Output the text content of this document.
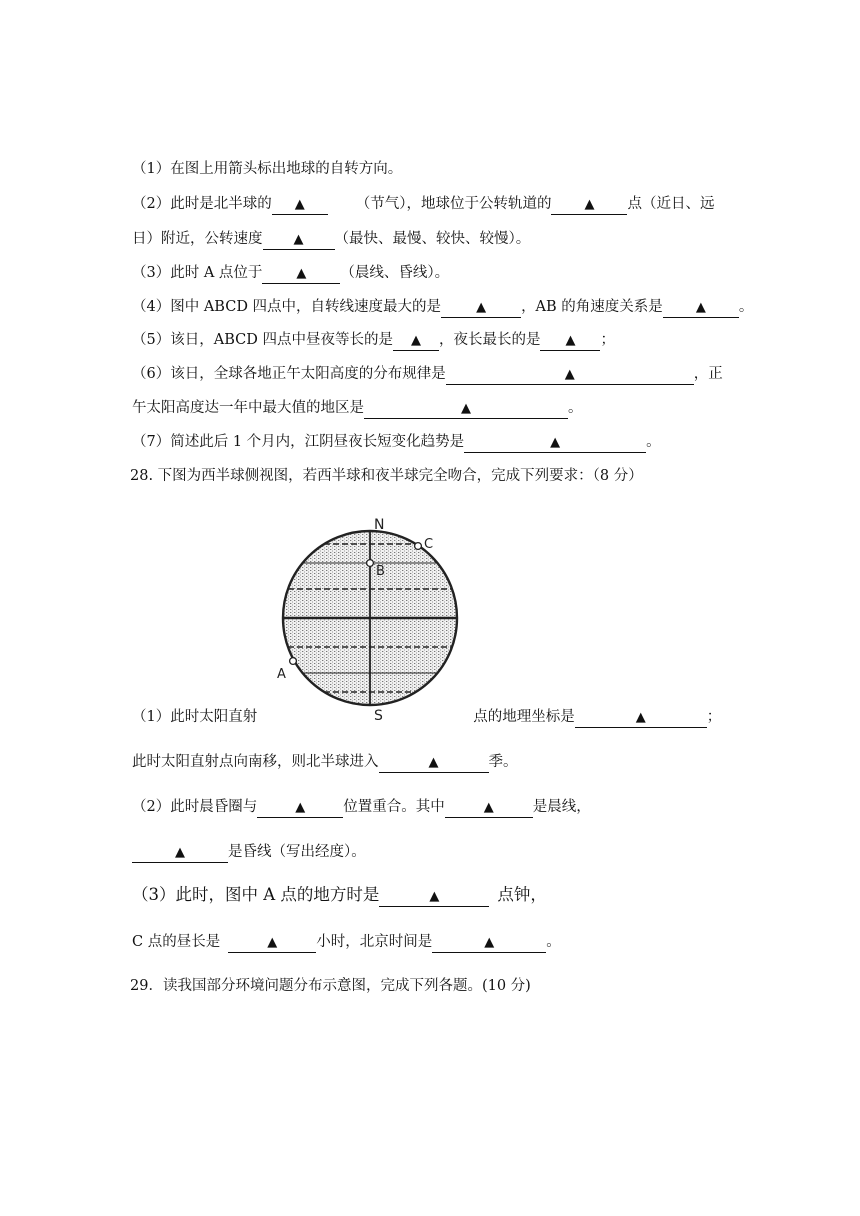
（1）在图上用箭头标出地球的自转方向。
（2）此时是北半球的 ▲	（节气），地球位于公转轨道的	▲ 点（近日、远
日）附近，公转速度 ▲ （最快、最慢、较快、较慢）。
（3）此时 A 点位于	▲ （晨线、昏线）。
（4）图中 ABCD 四点中，自转线速度最大的是	▲ ，AB 的角速度关系是	▲ 。
（5）该日，ABCD 四点中昼夜等长的是 ▲ ，夜长最长的是 ▲ ；
（6）该日，全球各地正午太阳高度的分布规律是	▲	，正
午太阳高度达一年中最大值的地区是	▲	。
（7）简述此后 1 个月内，江阴昼夜长短变化趋势是	▲	。
28. 下图为西半球侧视图，若西半球和夜半球完全吻合，完成下列要求：（8 分）
N
S
B
C
A
（1）此时太阳直射	点的地理坐标是	▲	；
此时太阳直射点向南移，则北半球进入	▲	季。
（2）此时晨昏圈与	▲	位置重合。其中	▲	是晨线，
▲	是昏线（写出经度）。
（3）此时，图中 A 点的地方时是	▲	点钟，
C 点的昼长是	▲	小时，北京时间是	▲	。
29．读我国部分环境问题分布示意图，完成下列各题。(10 分)
